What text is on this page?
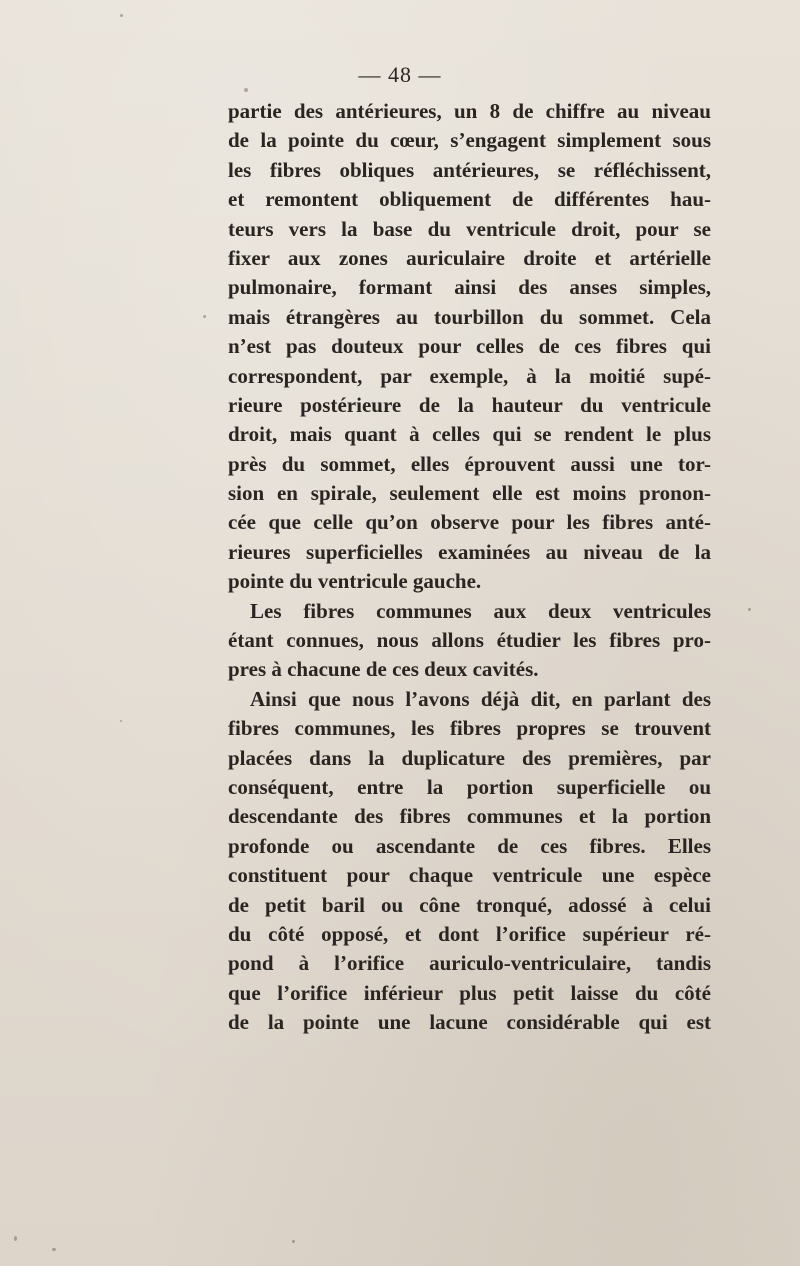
— 48 —
partie des antérieures, un 8 de chiffre au niveau
de la pointe du cœur, s’engagent simplement sous
les fibres obliques antérieures, se réfléchissent,
et remontent obliquement de différentes hau-
teurs vers la base du ventricule droit, pour se
fixer aux zones auriculaire droite et artérielle
pulmonaire, formant ainsi des anses simples,
mais étrangères au tourbillon du sommet. Cela
n’est pas douteux pour celles de ces fibres qui
correspondent, par exemple, à la moitié supé-
rieure postérieure de la hauteur du ventricule
droit, mais quant à celles qui se rendent le plus
près du sommet, elles éprouvent aussi une tor-
sion en spirale, seulement elle est moins pronon-
cée que celle qu’on observe pour les fibres anté-
rieures superficielles examinées au niveau de la
pointe du ventricule gauche.
Les fibres communes aux deux ventricules
étant connues, nous allons étudier les fibres pro-
pres à chacune de ces deux cavités.
Ainsi que nous l’avons déjà dit, en parlant des
fibres communes, les fibres propres se trouvent
placées dans la duplicature des premières, par
conséquent, entre la portion superficielle ou
descendante des fibres communes et la portion
profonde ou ascendante de ces fibres. Elles
constituent pour chaque ventricule une espèce
de petit baril ou cône tronqué, adossé à celui
du côté opposé, et dont l’orifice supérieur ré-
pond à l’orifice auriculo-ventriculaire, tandis
que l’orifice inférieur plus petit laisse du côté
de la pointe une lacune considérable qui est
